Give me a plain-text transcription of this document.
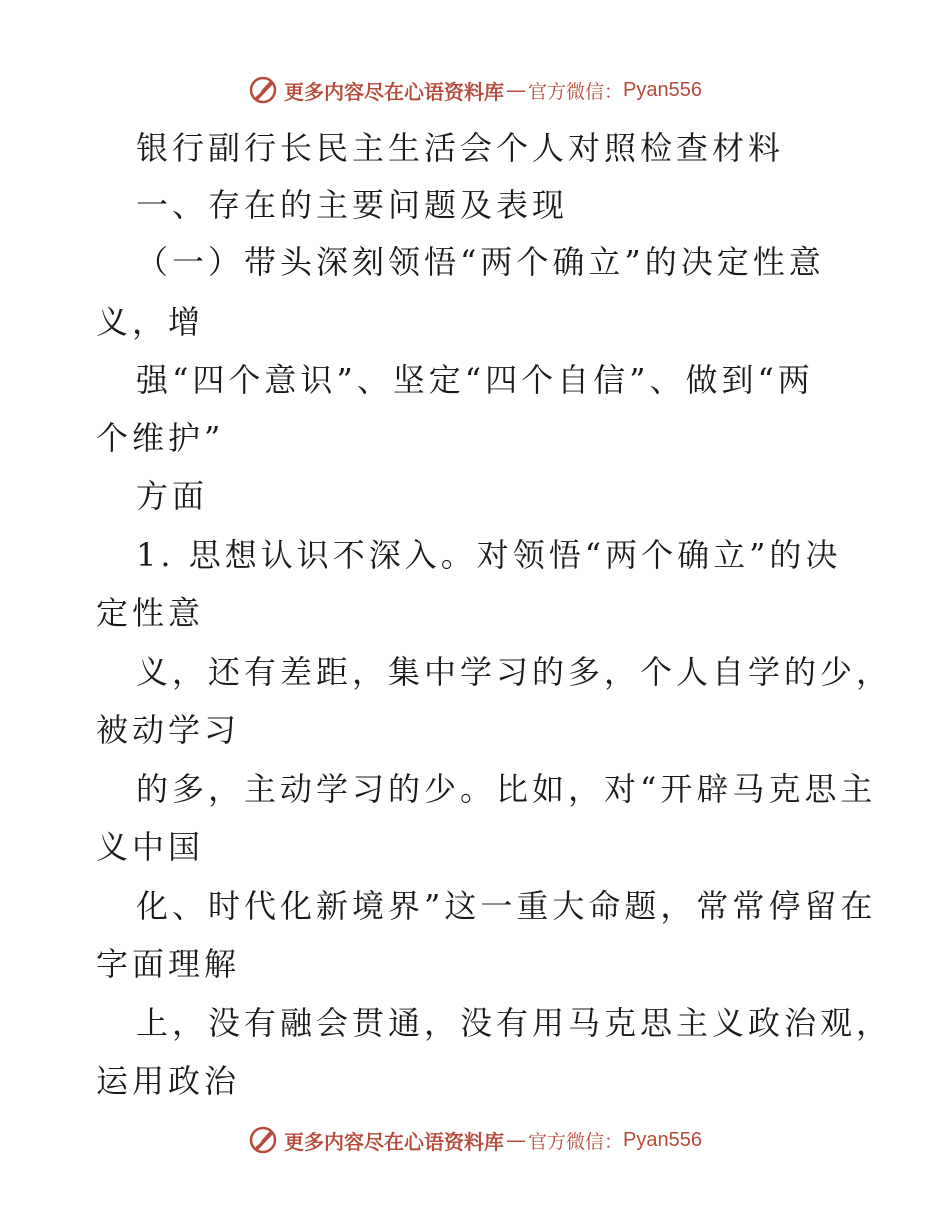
更多内容尽在心语资料库 — 官方微信： Pyan556
银行副行长民主生活会个人对照检查材料
一、存在的主要问题及表现
（一）带头深刻领悟“两个确立”的决定性意
义，增
强“四个意识”、坚定“四个自信”、做到“两
个维护”
方面
1. 思想认识不深入。对领悟“两个确立”的决
定性意
义，还有差距，集中学习的多，个人自学的少，
被动学习
的多，主动学习的少。比如，对“开辟马克思主
义中国
化、时代化新境界”这一重大命题，常常停留在
字面理解
上，没有融会贯通，没有用马克思主义政治观，
运用政治
更多内容尽在心语资料库 — 官方微信： Pyan556
